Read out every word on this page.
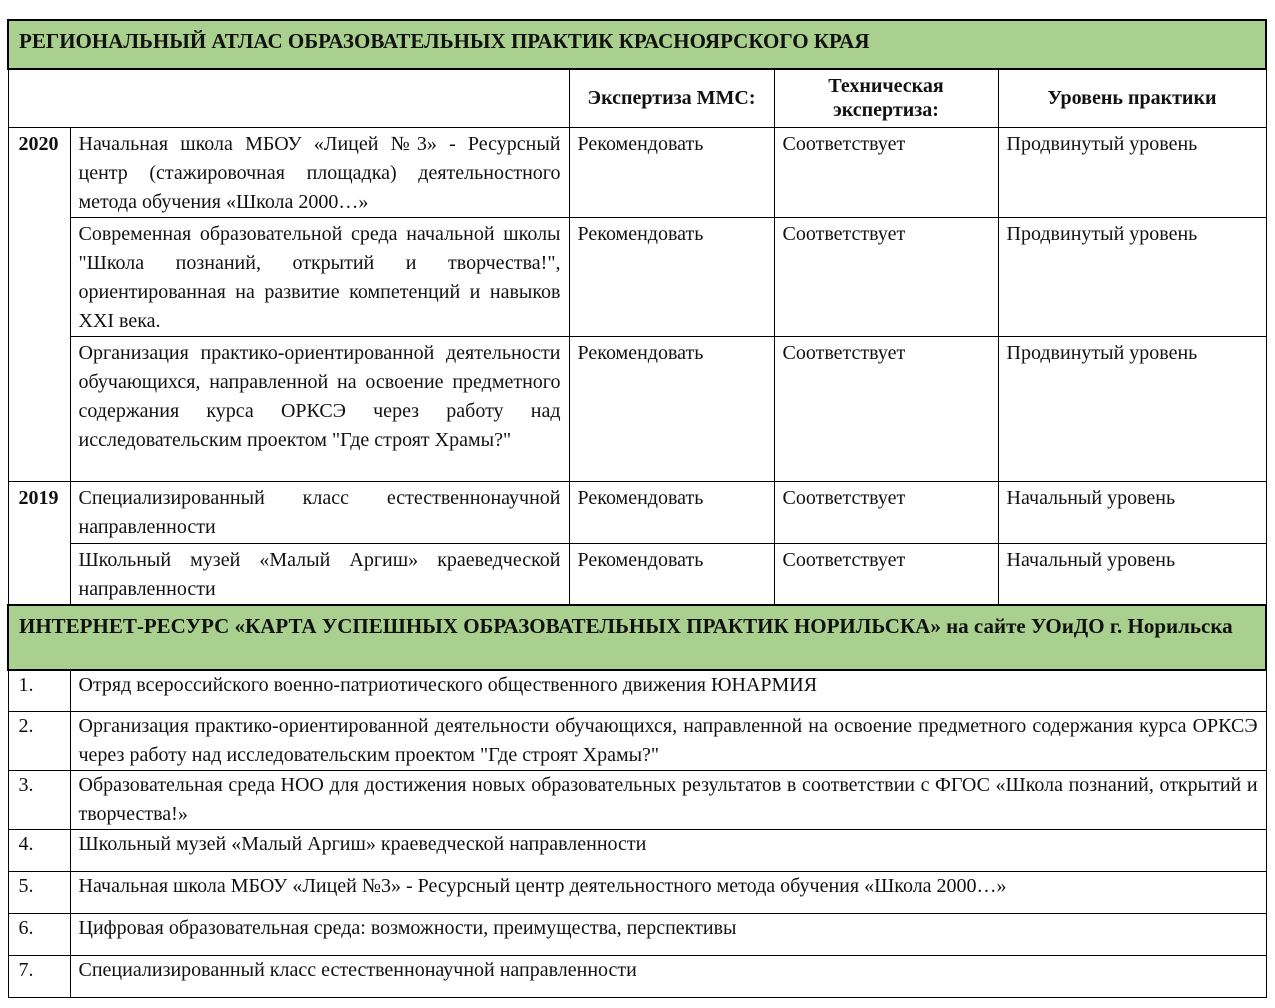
РЕГИОНАЛЬНЫЙ АТЛАС ОБРАЗОВАТЕЛЬНЫХ ПРАКТИК КРАСНОЯРСКОГО КРАЯ				
		Экспертиза ММС:	Техническая экспертиза:	Уровень практики
2020	Начальная школа МБОУ «Лицей №3» - Ресурсный центр (стажировочная площадка) деятельностного метода обучения «Школа 2000…»	Рекомендовать	Соответствует	Продвинутый уровень
	Современная образовательной среда начальной школы "Школа познаний, открытий и творчества!", ориентированная на развитие компетенций и навыков XXI века.	Рекомендовать	Соответствует	Продвинутый уровень
	Организация практико-ориентированной деятельности обучающихся, направленной на освоение предметного содержания курса ОРКСЭ через работу над исследовательским проектом "Где строят Храмы?"	Рекомендовать	Соответствует	Продвинутый уровень
2019	Специализированный класс естественнонаучной направленности	Рекомендовать	Соответствует	Начальный уровень
	Школьный музей «Малый Аргиш» краеведческой направленности	Рекомендовать	Соответствует	Начальный уровень
ИНТЕРНЕТ-РЕСУРС «КАРТА УСПЕШНЫХ ОБРАЗОВАТЕЛЬНЫХ ПРАКТИК НОРИЛЬСКА» на сайте УОиДО г. Норильска				
1.	Отряд всероссийского военно-патриотического общественного движения ЮНАРМИЯ			
2.	Организация практико-ориентированной деятельности обучающихся, направленной на освоение предметного содержания курса ОРКСЭ через работу над исследовательским проектом "Где строят Храмы?"			
3.	Образовательная среда НОО для достижения новых образовательных результатов в соответствии с ФГОС «Школа познаний, открытий и творчества!»			
4.	Школьный музей «Малый Аргиш» краеведческой направленности			
5.	Начальная школа МБОУ «Лицей №3» - Ресурсный центр деятельностного метода обучения «Школа 2000…»			
6.	Цифровая образовательная среда: возможности, преимущества, перспективы			
7.	Специализированный класс естественнонаучной направленности			
